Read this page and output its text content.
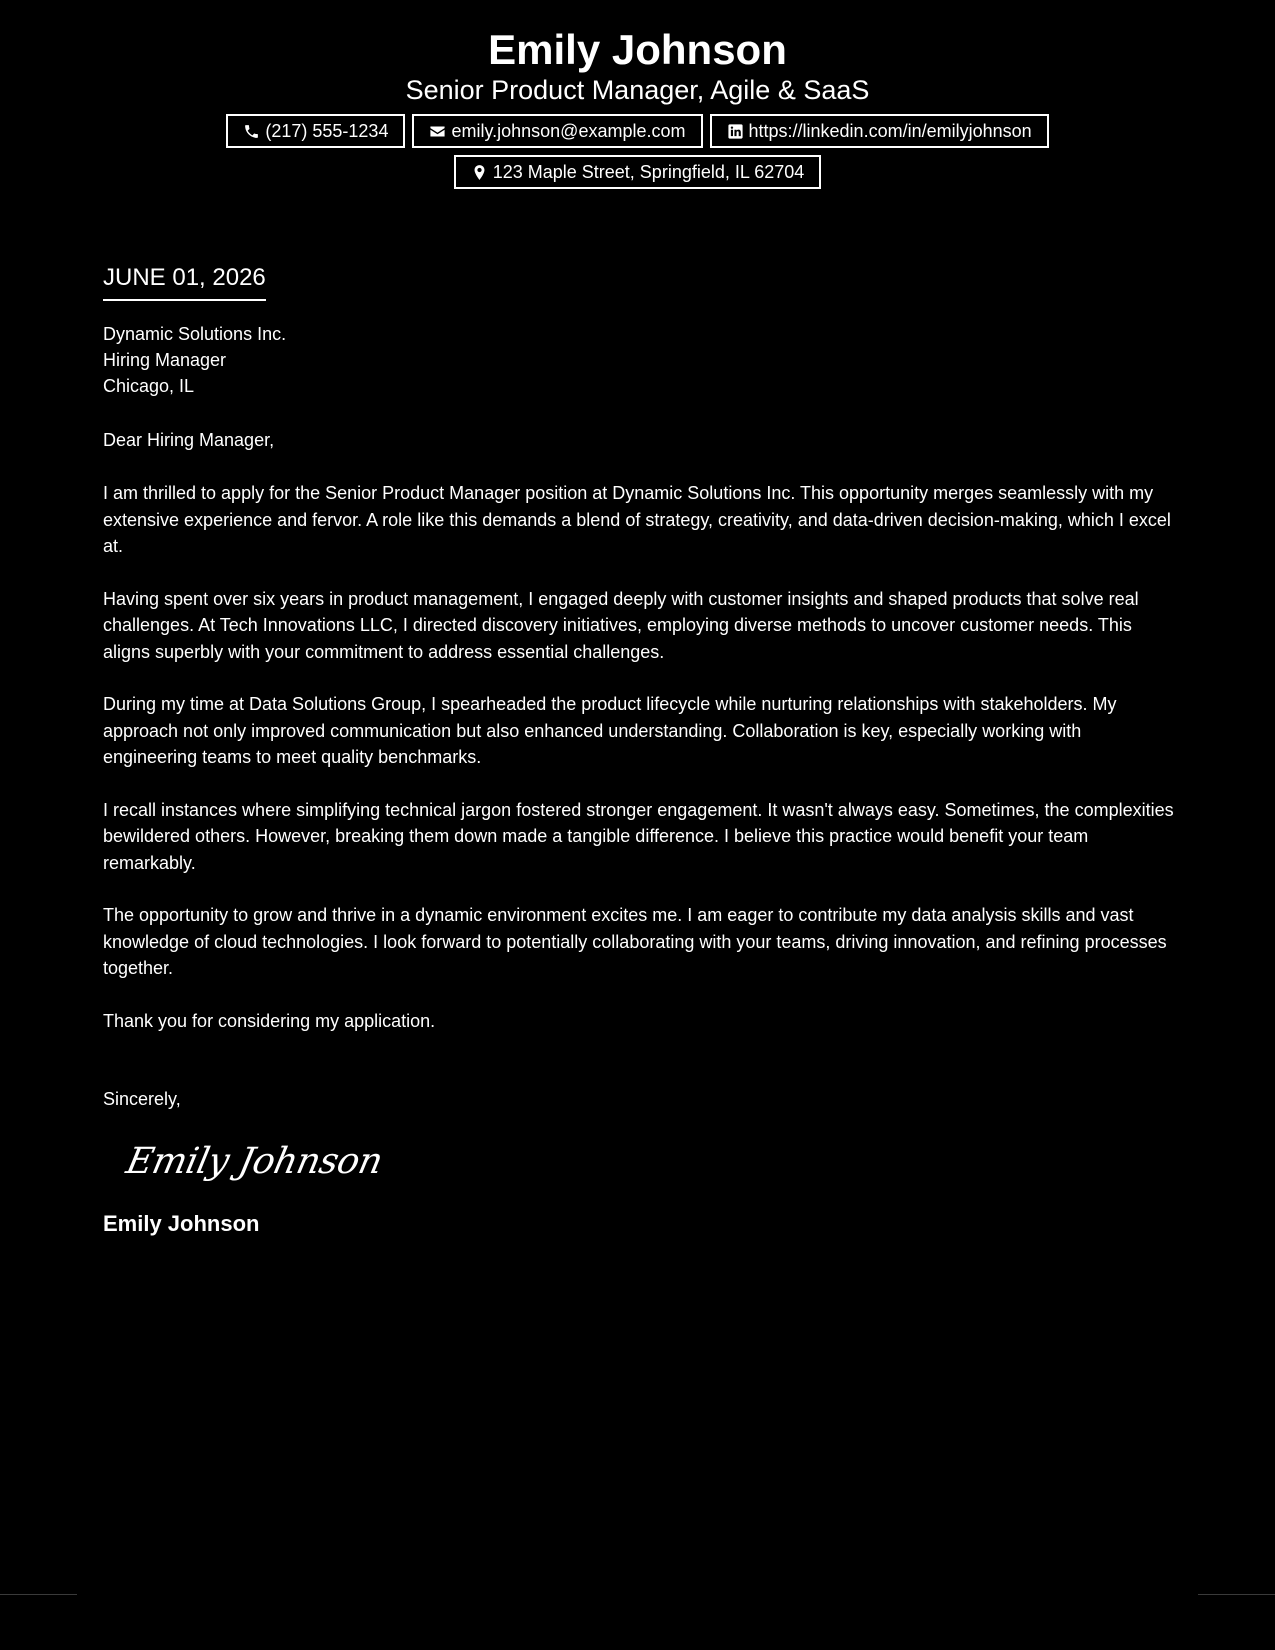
Emily Johnson
Senior Product Manager, Agile & SaaS
(217) 555-1234	emily.johnson@example.com	https://linkedin.com/in/emilyjohnson
123 Maple Street, Springfield, IL 62704
JUNE 01, 2026
Dynamic Solutions Inc.
Hiring Manager
Chicago, IL
Dear Hiring Manager,

I am thrilled to apply for the Senior Product Manager position at Dynamic Solutions Inc. This opportunity merges seamlessly with my extensive experience and fervor. A role like this demands a blend of strategy, creativity, and data-driven decision-making, which I excel at.

Having spent over six years in product management, I engaged deeply with customer insights and shaped products that solve real challenges. At Tech Innovations LLC, I directed discovery initiatives, employing diverse methods to uncover customer needs. This aligns superbly with your commitment to address essential challenges.

During my time at Data Solutions Group, I spearheaded the product lifecycle while nurturing relationships with stakeholders. My approach not only improved communication but also enhanced understanding. Collaboration is key, especially working with engineering teams to meet quality benchmarks.

I recall instances where simplifying technical jargon fostered stronger engagement. It wasn't always easy. Sometimes, the complexities bewildered others. However, breaking them down made a tangible difference. I believe this practice would benefit your team remarkably.

The opportunity to grow and thrive in a dynamic environment excites me. I am eager to contribute my data analysis skills and vast knowledge of cloud technologies. I look forward to potentially collaborating with your teams, driving innovation, and refining processes together.

Thank you for considering my application.

Sincerely,
Emily Johnson
Emily Johnson
